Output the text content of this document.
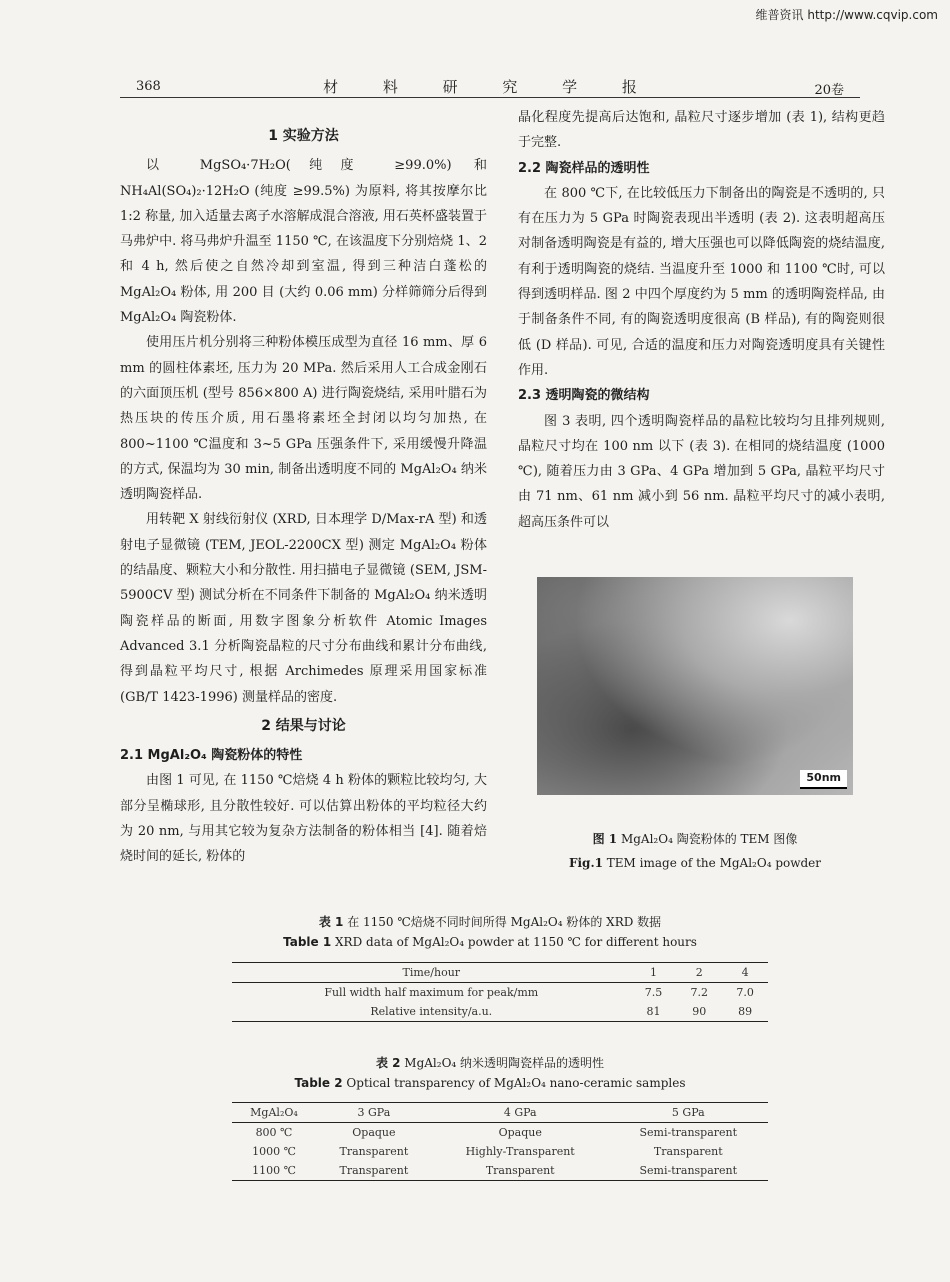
维普资讯 http://www.cqvip.com
368	材 料 研 究 学 报	20卷

1 实验方法

以 MgSO₄·7H₂O(纯度 ≥99.0%) 和 NH₄Al(SO₄)₂·12H₂O (纯度 ≥99.5%) 为原料, 将其按摩尔比 1:2 称量, 加入适量去离子水溶解成混合溶液, 用石英杯盛装置于马弗炉中. 将马弗炉升温至 1150 ℃, 在该温度下分别焙烧 1、2 和 4 h, 然后使之自然冷却到室温, 得到三种洁白蓬松的 MgAl₂O₄ 粉体, 用 200 目 (大约 0.06 mm) 分样筛筛分后得到 MgAl₂O₄ 陶瓷粉体.

使用压片机分别将三种粉体模压成型为直径 16 mm、厚 6 mm 的圆柱体素坯, 压力为 20 MPa. 然后采用人工合成金刚石的六面顶压机 (型号 856×800 A) 进行陶瓷烧结, 采用叶腊石为热压块的传压介质, 用石墨将素坯全封闭以均匀加热, 在 800~1100 ℃温度和 3~5 GPa 压强条件下, 采用缓慢升降温的方式, 保温均为 30 min, 制备出透明度不同的 MgAl₂O₄ 纳米透明陶瓷样品.

用转靶 X 射线衍射仪 (XRD, 日本理学 D/Max-rA 型) 和透射电子显微镜 (TEM, JEOL-2200CX 型) 测定 MgAl₂O₄ 粉体的结晶度、颗粒大小和分散性. 用扫描电子显微镜 (SEM, JSM-5900CV 型) 测试分析在不同条件下制备的 MgAl₂O₄ 纳米透明陶瓷样品的断面, 用数字图象分析软件 Atomic Images Advanced 3.1 分析陶瓷晶粒的尺寸分布曲线和累计分布曲线, 得到晶粒平均尺寸, 根据 Archimedes 原理采用国家标准 (GB/T 1423-1996) 测量样品的密度.

2 结果与讨论

2.1 MgAl₂O₄ 陶瓷粉体的特性

由图 1 可见, 在 1150 ℃焙烧 4 h 粉体的颗粒比较均匀, 大部分呈椭球形, 且分散性较好. 可以估算出粉体的平均粒径大约为 20 nm, 与用其它较为复杂方法制备的粉体相当 [4]. 随着焙烧时间的延长, 粉体的

晶化程度先提高后达饱和, 晶粒尺寸逐步增加 (表 1), 结构更趋于完整.

2.2 陶瓷样品的透明性

在 800 ℃下, 在比较低压力下制备出的陶瓷是不透明的, 只有在压力为 5 GPa 时陶瓷表现出半透明 (表 2). 这表明超高压对制备透明陶瓷是有益的, 增大压强也可以降低陶瓷的烧结温度, 有利于透明陶瓷的烧结. 当温度升至 1000 和 1100 ℃时, 可以得到透明样品. 图 2 中四个厚度约为 5 mm 的透明陶瓷样品, 由于制备条件不同, 有的陶瓷透明度很高 (B 样品), 有的陶瓷则很低 (D 样品). 可见, 合适的温度和压力对陶瓷透明度具有关键性作用.

2.3 透明陶瓷的微结构

图 3 表明, 四个透明陶瓷样品的晶粒比较均匀且排列规则, 晶粒尺寸均在 100 nm 以下 (表 3). 在相同的烧结温度 (1000 ℃), 随着压力由 3 GPa、4 GPa 增加到 5 GPa, 晶粒平均尺寸由 71 nm、61 nm 减小到 56 nm. 晶粒平均尺寸的减小表明, 超高压条件可以

50nm
图 1 MgAl₂O₄ 陶瓷粉体的 TEM 图像
Fig.1 TEM image of the MgAl₂O₄ powder
表 1 在 1150 ℃焙烧不同时间所得 MgAl₂O₄ 粉体的 XRD 数据
Table 1 XRD data of MgAl₂O₄ powder at 1150 ℃ for different hours
Time/hour	1	2	4
Full width half maximum for peak/mm	7.5	7.2	7.0
Relative intensity/a.u.	81	90	89
表 2 MgAl₂O₄ 纳米透明陶瓷样品的透明性
Table 2 Optical transparency of MgAl₂O₄ nano-ceramic samples
MgAl₂O₄	3 GPa	4 GPa	5 GPa
800 ℃	Opaque	Opaque	Semi-transparent
1000 ℃	Transparent	Highly-Transparent	Transparent
1100 ℃	Transparent	Transparent	Semi-transparent
